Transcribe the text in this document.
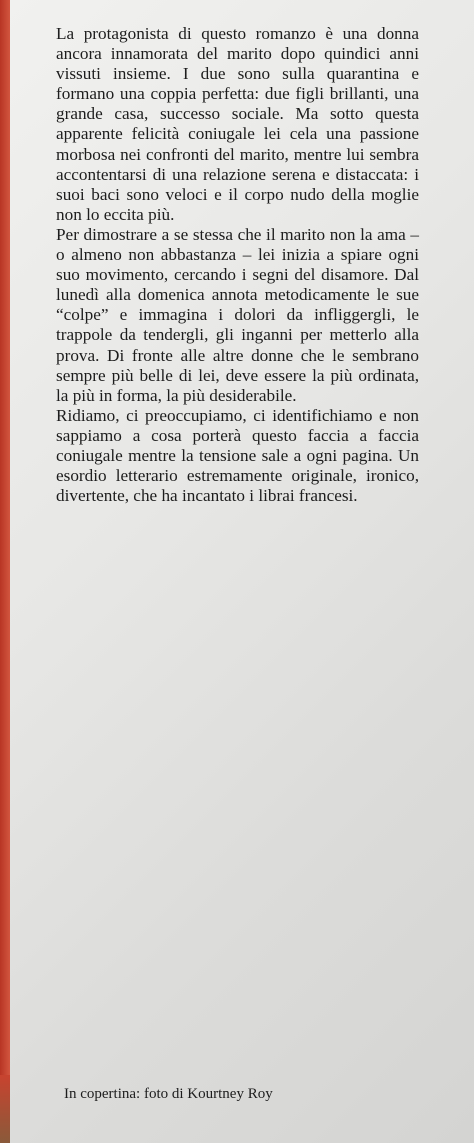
La protagonista di questo romanzo è una donna ancora innamorata del marito dopo quindici anni vissuti insieme. I due sono sulla quarantina e formano una coppia perfetta: due figli brillanti, una grande casa, successo sociale. Ma sotto questa apparente felicità coniugale lei cela una passione morbosa nei confronti del marito, mentre lui sembra accontentarsi di una relazione serena e distaccata: i suoi baci sono veloci e il corpo nudo della moglie non lo eccita più.

Per dimostrare a se stessa che il marito non la ama – o almeno non abbastanza – lei inizia a spiare ogni suo movimento, cercando i segni del disamore. Dal lunedì alla domenica annota metodicamente le sue “colpe” e immagina i dolori da infliggergli, le trappole da tendergli, gli inganni per metterlo alla prova. Di fronte alle altre donne che le sembrano sempre più belle di lei, deve essere la più ordinata, la più in forma, la più desiderabile.

Ridiamo, ci preoccupiamo, ci identifichiamo e non sappiamo a cosa porterà questo faccia a faccia coniugale mentre la tensione sale a ogni pagina. Un esordio letterario estremamente originale, ironico, divertente, che ha incantato i librai francesi.

In copertina: foto di Kourtney Roy
